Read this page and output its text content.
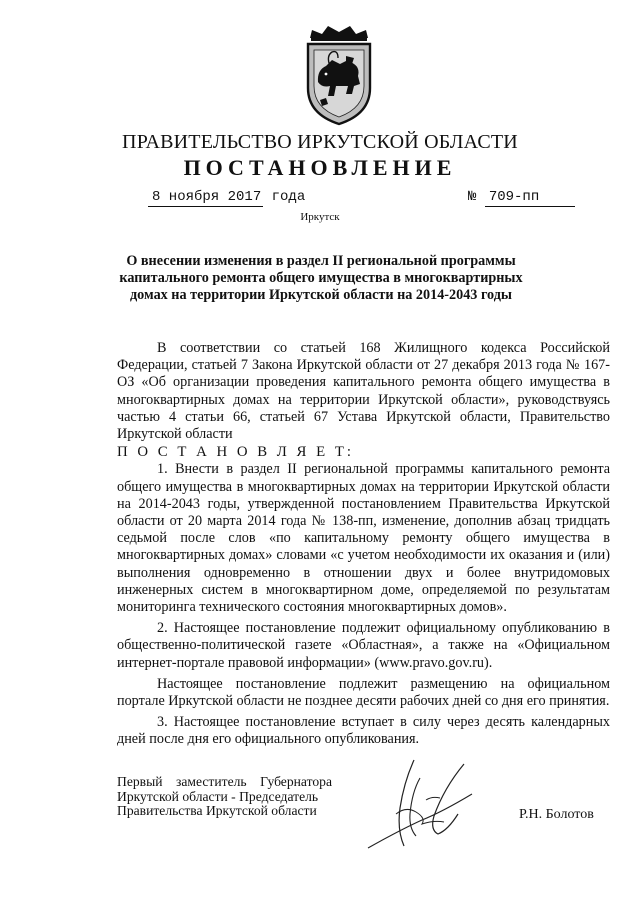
ПРАВИТЕЛЬСТВО ИРКУТСКОЙ ОБЛАСТИ
ПОСТАНОВЛЕНИЕ
8 ноября 2017 года	№ 709-пп
Иркутск
О внесении изменения в раздел II региональной программы капитального ремонта общего имущества в многоквартирных домах на территории Иркутской области на 2014-2043 годы

В соответствии со статьей 168 Жилищного кодекса Российской Федерации, статьей 7 Закона Иркутской области от 27 декабря 2013 года № 167-ОЗ «Об организации проведения капитального ремонта общего имущества в многоквартирных домах на территории Иркутской области», руководствуясь частью 4 статьи 66, статьей 67 Устава Иркутской области, Правительство Иркутской области

П О С Т А Н О В Л Я Е Т:

1. Внести в раздел II региональной программы капитального ремонта общего имущества в многоквартирных домах на территории Иркутской области на 2014-2043 годы, утвержденной постановлением Правительства Иркутской области от 20 марта 2014 года № 138-пп, изменение, дополнив абзац тридцать седьмой после слов «по капитальному ремонту общего имущества в многоквартирных домах» словами «с учетом необходимости их оказания и (или) выполнения одновременно в отношении двух и более внутридомовых инженерных систем в многоквартирном доме, определяемой по результатам мониторинга технического состояния многоквартирных домов».

2. Настоящее постановление подлежит официальному опубликованию в общественно-политической газете «Областная», а также на «Официальном интернет-портале правовой информации» (www.pravo.gov.ru).

Настоящее постановление подлежит размещению на официальном портале Иркутской области не позднее десяти рабочих дней со дня его принятия.

3. Настоящее постановление вступает в силу через десять календарных дней после дня его официального опубликования.

Первый заместитель Губернатора
Иркутской области - Председатель
Правительства Иркутской области	Р.Н. Болотов
